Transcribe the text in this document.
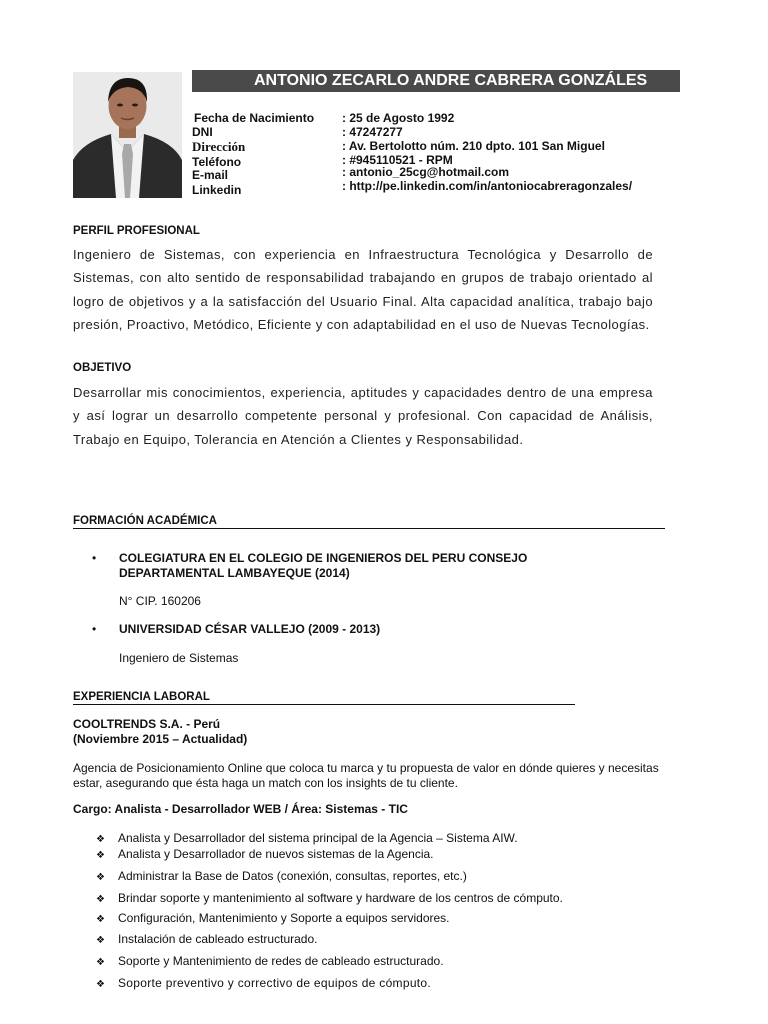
ANTONIO ZECARLO ANDRE CABRERA GONZÁLES
Fecha de Nacimiento : 25 de Agosto 1992
DNI	: 47247277
Dirección	: Av. Bertolotto núm. 210 dpto. 101 San Miguel
Teléfono	: #945110521 - RPM
E-mail	: antonio_25cg@hotmail.com
Linkedin	: http://pe.linkedin.com/in/antoniocabreragonzales/
PERFIL PROFESIONAL
Ingeniero de Sistemas, con experiencia en Infraestructura Tecnológica y Desarrollo de Sistemas, con alto sentido de responsabilidad trabajando en grupos de trabajo orientado al logro de objetivos y a la satisfacción del Usuario Final. Alta capacidad analítica, trabajo bajo presión, Proactivo, Metódico, Eficiente y con adaptabilidad en el uso de Nuevas Tecnologías.
OBJETIVO
Desarrollar mis conocimientos, experiencia, aptitudes y capacidades dentro de una empresa y así lograr un desarrollo competente personal y profesional. Con capacidad de Análisis, Trabajo en Equipo, Tolerancia en Atención a Clientes y Responsabilidad.
FORMACIÓN ACADÉMICA
• COLEGIATURA EN EL COLEGIO DE INGENIEROS DEL PERU CONSEJO DEPARTAMENTAL LAMBAYEQUE (2014)
N° CIP. 160206
• UNIVERSIDAD CÉSAR VALLEJO (2009 - 2013)
Ingeniero de Sistemas
EXPERIENCIA LABORAL
COOLTRENDS S.A. - Perú
(Noviembre 2015 – Actualidad)
Agencia de Posicionamiento Online que coloca tu marca y tu propuesta de valor en dónde quieres y necesitas estar, asegurando que ésta haga un match con los insights de tu cliente.
Cargo: Analista - Desarrollador WEB / Área: Sistemas - TIC
❖ Analista y Desarrollador del sistema principal de la Agencia – Sistema AIW.
❖ Analista y Desarrollador de nuevos sistemas de la Agencia.
❖ Administrar la Base de Datos (conexión, consultas, reportes, etc.)
❖ Brindar soporte y mantenimiento al software y hardware de los centros de cómputo.
❖ Configuración, Mantenimiento y Soporte a equipos servidores.
❖ Instalación de cableado estructurado.
❖ Soporte y Mantenimiento de redes de cableado estructurado.
❖ Soporte preventivo y correctivo de equipos de cómputo.
